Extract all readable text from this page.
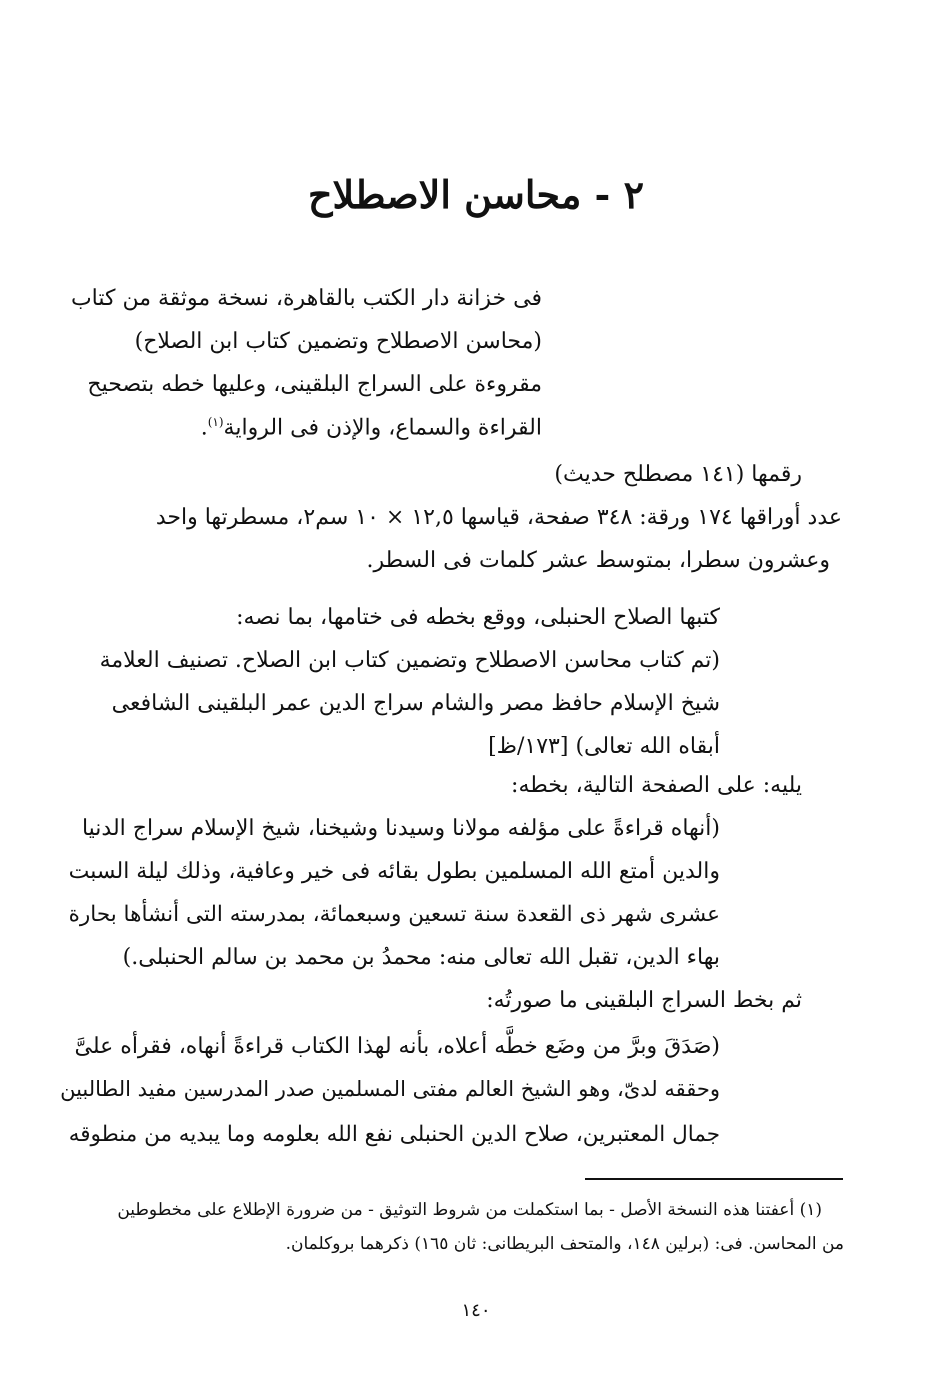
٢ - محاسن الاصطلاح
فى خزانة دار الكتب بالقاهرة، نسخة موثقة من كتاب
(محاسن الاصطلاح وتضمين كتاب ابن الصلاح)
مقروءة على السراج البلقينى، وعليها خطه بتصحيح
القراءة والسماع، والإذن فى الرواية$^{(١)}$.
رقمها (١٤١ مصطلح حديث)
عدد أوراقها ١٧٤ ورقة: ٣٤٨ صفحة، قياسها ١٢,٥ × ١٠ سم٢، مسطرتها واحد
وعشرون سطرا، بمتوسط عشر كلمات فى السطر.
كتبها الصلاح الحنبلى، ووقع بخطه فى ختامها، بما نصه:
(تم كتاب محاسن الاصطلاح وتضمين كتاب ابن الصلاح. تصنيف العلامة
شيخ الإسلام حافظ مصر والشام سراج الدين عمر البلقينى الشافعى
أبقاه الله تعالى) [١٧٣/ظ]
يليه: على الصفحة التالية، بخطه:
(أنهاه قراءةً على مؤلفه مولانا وسيدنا وشيخنا، شيخ الإسلام سراج الدنيا
والدين أمتع الله المسلمين بطول بقائه فى خير وعافية، وذلك ليلة السبت
عشرى شهر ذى القعدة سنة تسعين وسبعمائة، بمدرسته التى أنشأها بحارة
بهاء الدين، تقبل الله تعالى منه: محمدُ بن محمد بن سالم الحنبلى.)
ثم بخط السراج البلقينى ما صورتُه:
(صَدَقَ وبرَّ من وضَع خطَّه أعلاه، بأنه لهذا الكتاب قراءةً أنهاه، فقرأه علىَّ
وحققه لدىّ، وهو الشيخ العالم مفتى المسلمين صدر المدرسين مفيد الطالبين
جمال المعتبرين، صلاح الدين الحنبلى نفع الله بعلومه وما يبديه من منطوقه
(١) أعفتنا هذه النسخة الأصل - بما استكملت من شروط التوثيق - من ضرورة الإطلاع على مخطوطين
من المحاسن. فى: (برلين ١٤٨، والمتحف البريطانى: ثان ١٦٥) ذكرهما بروكلمان.
١٤٠
